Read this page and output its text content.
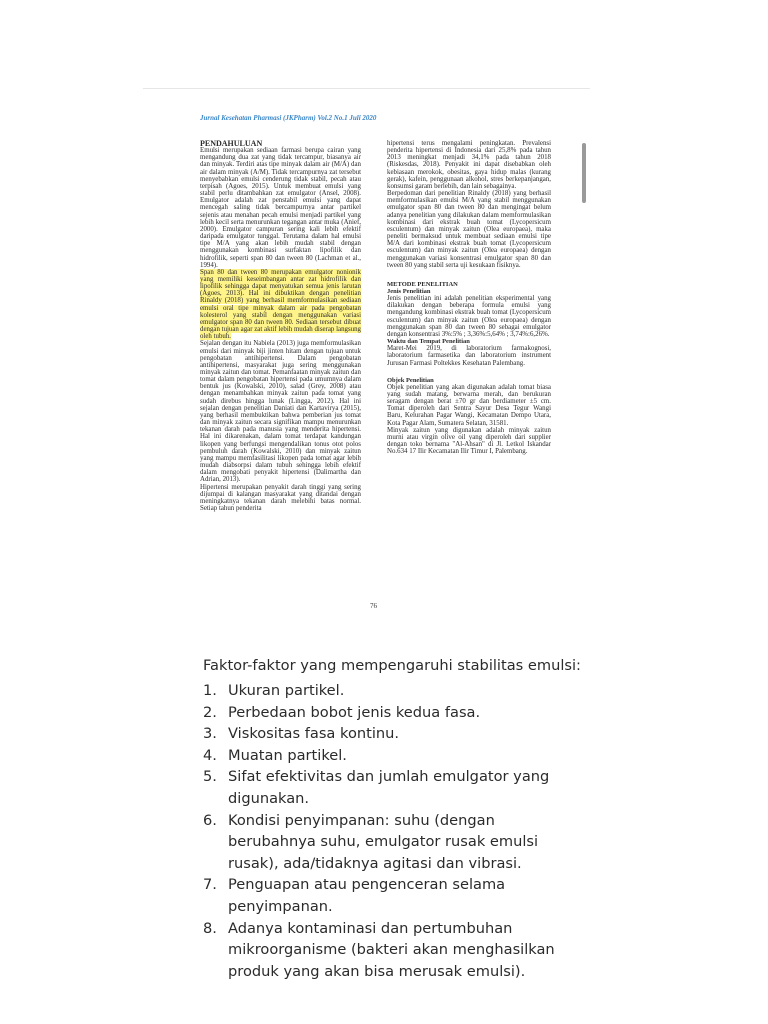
Jurnal Kesehatan Pharmasi (JKPharm) Vol.2 No.1 Juli 2020

PENDAHULUAN

Emulsi merupakan sediaan farmasi berupa cairan yang mengandung dua zat yang tidak tercampur, biasanya air dan minyak. Terdiri atas tipe minyak dalam air (M/A) dan air dalam minyak (A/M). Tidak tercampurnya zat tersebut menyebabkan emulsi cenderung tidak stabil, pecah atau terpisah (Agoes, 2015). Untuk membuat emulsi yang stabil perlu ditambahkan zat emulgator (Ansel, 2008). Emulgator adalah zat penstabil emulsi yang dapat mencegah saling tidak bercampurnya antar partikel sejenis atau menahan pecah emulsi menjadi partikel yang lebih kecil serta menurunkan tegangan antar muka (Anief, 2000). Emulgator campuran sering kali lebih efektif daripada emulgator tunggal. Terutama dalam hal emulsi tipe M/A yang akan lebih mudah stabil dengan menggunakan kombinasi surfaktan lipofilik dan hidrofilik, seperti span 80 dan tween 80 (Lachman et al., 1994).

Span 80 dan tween 80 merupakan emulgator nonionik yang memiliki keseimbangan antar zat hidrofilik dan lipofilik sehingga dapat menyatukan semua jenis larutan (Agoes, 2013). Hal ini dibuktikan dengan penelitian Rinaldy (2018) yang berhasil memformulasikan sediaan emulsi oral tipe minyak dalam air pada pengobatan kolesterol yang stabil dengan menggunakan variasi emulgator span 80 dan tween 80. Sediaan tersebut dibuat dengan tujuan agar zat aktif lebih mudah diserap langsung oleh tubuh.

Sejalan dengan itu Nabiela (2013) juga memformulasikan emulsi dari minyak biji jinten hitam dengan tujuan untuk pengobatan antihipertensi. Dalam pengobatan antihipertensi, masyarakat juga sering menggunakan minyak zaitun dan tomat. Pemanfaatan minyak zaitun dan tomat dalam pengobatan hipertensi pada umumnya dalam bentuk jus (Kowalski, 2010), salad (Grey, 2008) atau dengan menambahkan minyak zaitun pada tomat yang sudah direbus hingga lunak (Lingga, 2012). Hal ini sejalan dengan penelitian Daniati dan Kartavirya (2015), yang berhasil membuktikan bahwa pemberian jus tomat dan minyak zaitun secara signifikan mampu menurunkan tekanan darah pada manusia yang menderita hipertensi. Hal ini dikarenakan, dalam tomat terdapat kandungan likopen yang berfungsi mengendalikan tonus otot polos pembuluh darah (Kowalski, 2010) dan minyak zaitun yang mampu memfasilitasi likopen pada tomat agar lebih mudah diabsorpsi dalam tubuh sehingga lebih efektif dalam mengobati penyakit hipertensi (Dalimartha dan Adrian, 2013).

Hipertensi merupakan penyakit darah tinggi yang sering dijumpai di kalangan masyarakat yang ditandai dengan meningkatnya tekanan darah melebihi batas normal. Setiap tahun penderita

hipertensi terus mengalami peningkatan. Prevalensi penderita hipertensi di Indonesia dari 25,8% pada tahun 2013 meningkat menjadi 34,1% pada tahun 2018 (Riskesdas, 2018). Penyakit ini dapat disebabkan oleh kebiasaan merokok, obesitas, gaya hidup malas (kurang gerak), kafein, penggunaan alkohol, stres berkepanjangan, konsumsi garam berlebih, dan lain sebagainya.

Berpedoman dari penelitian Rinaldy (2018) yang berhasil memformulasikan emulsi M/A yang stabil menggunakan emulgator span 80 dan tween 80 dan mengingat belum adanya penelitian yang dilakukan dalam memformulasikan kombinasi dari ekstrak buah tomat (Lycopersicum esculentum) dan minyak zaitun (Olea europaea), maka peneliti bermaksud untuk membuat sediaan emulsi tipe M/A dari kombinasi ekstrak buah tomat (Lycopersicum esculentum) dan minyak zaitun (Olea europaea) dengan menggunakan variasi konsentrasi emulgator span 80 dan tween 80 yang stabil serta uji kesukaan fisiknya.

METODE PENELITIAN

Jenis Penelitian

Jenis penelitian ini adalah penelitian eksperimental yang dilakukan dengan beberapa formula emulsi yang mengandung kombinasi ekstrak buah tomat (Lycopersicum esculentum) dan minyak zaitun (Olea europaea) dengan menggunakan span 80 dan tween 80 sebagai emulgator dengan konsentrasi 3%:5% ; 3,36%:5,64% ; 3,74%:6,26%.

Waktu dan Tempat Penelitian

Maret-Mei 2019, di laboratorium farmakognosi, laboratorium farmasetika dan laboratorium instrument Jurusan Farmasi Poltekkes Kesehatan Palembang.

Objek Penelitian

Objek penelitian yang akan digunakan adalah tomat biasa yang sudah matang, berwarna merah, dan berukuran seragam dengan berat ±70 gr dan berdiameter ±5 cm. Tomat diperoleh dari Sentra Sayur Desa Tegur Wangi Baru, Kelurahan Pagar Wangi, Kecamatan Dempo Utara, Kota Pagar Alam, Sumatera Selatan, 31581.

Minyak zaitun yang digunakan adalah minyak zaitun murni atau virgin olive oil yang diperoleh dari supplier dengan toko bernama "Al-Ahsan" di Jl. Letkol Iskandar No.634 17 Ilir Kecamatan Ilir Timur I, Palembang.

76

Faktor-faktor yang mempengaruhi stabilitas emulsi:

1. Ukuran partikel.
2. Perbedaan bobot jenis kedua fasa.
3. Viskositas fasa kontinu.
4. Muatan partikel.
5. Sifat efektivitas dan jumlah emulgator yang digunakan.
6. Kondisi penyimpanan: suhu (dengan berubahnya suhu, emulgator rusak emulsi rusak), ada/tidaknya agitasi dan vibrasi.
7. Penguapan atau pengenceran selama penyimpanan.
8. Adanya kontaminasi dan pertumbuhan mikroorganisme (bakteri akan menghasilkan produk yang akan bisa merusak emulsi).
